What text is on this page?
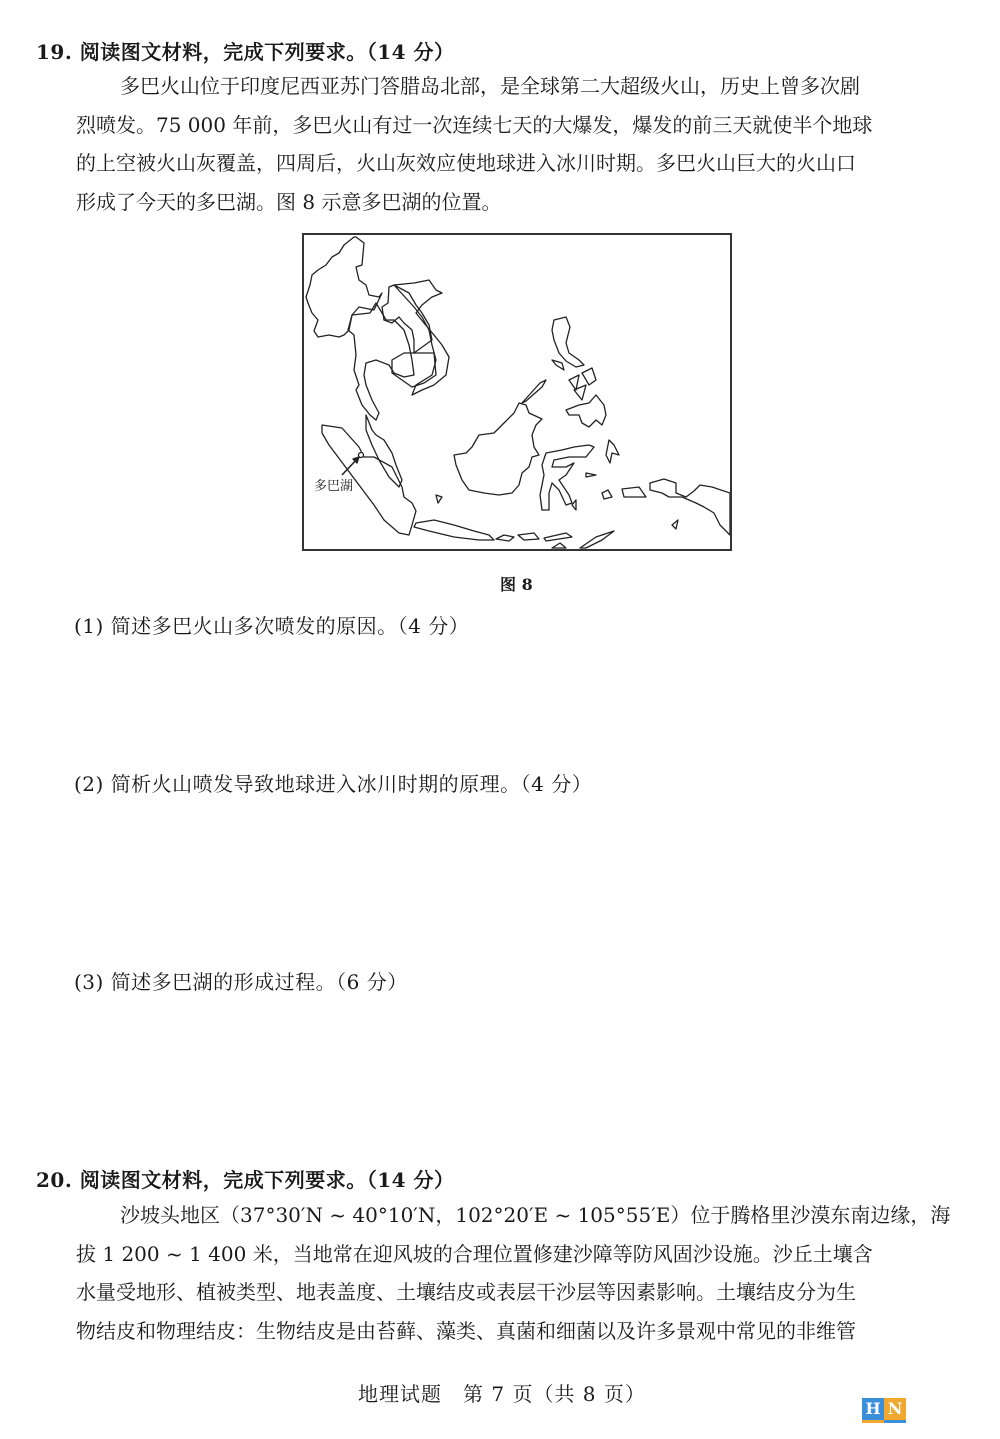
19. 阅读图文材料，完成下列要求。（14 分）

多巴火山位于印度尼西亚苏门答腊岛北部，是全球第二大超级火山，历史上曾多次剧

烈喷发。75 000 年前，多巴火山有过一次连续七天的大爆发，爆发的前三天就使半个地球

的上空被火山灰覆盖，四周后，火山灰效应使地球进入冰川时期。多巴火山巨大的火山口

形成了今天的多巴湖。图 8 示意多巴湖的位置。

多巴湖
图 8
(1) 简述多巴火山多次喷发的原因。（4 分）
(2) 简析火山喷发导致地球进入冰川时期的原理。（4 分）
(3) 简述多巴湖的形成过程。（6 分）
20. 阅读图文材料，完成下列要求。（14 分）

沙坡头地区（37°30′N ~ 40°10′N，102°20′E ~ 105°55′E）位于腾格里沙漠东南边缘，海

拔 1 200 ~ 1 400 米，当地常在迎风坡的合理位置修建沙障等防风固沙设施。沙丘土壤含

水量受地形、植被类型、地表盖度、土壤结皮或表层干沙层等因素影响。土壤结皮分为生

物结皮和物理结皮：生物结皮是由苔藓、藻类、真菌和细菌以及许多景观中常见的非维管

地理试题　第 7 页（共 8 页）
H N
